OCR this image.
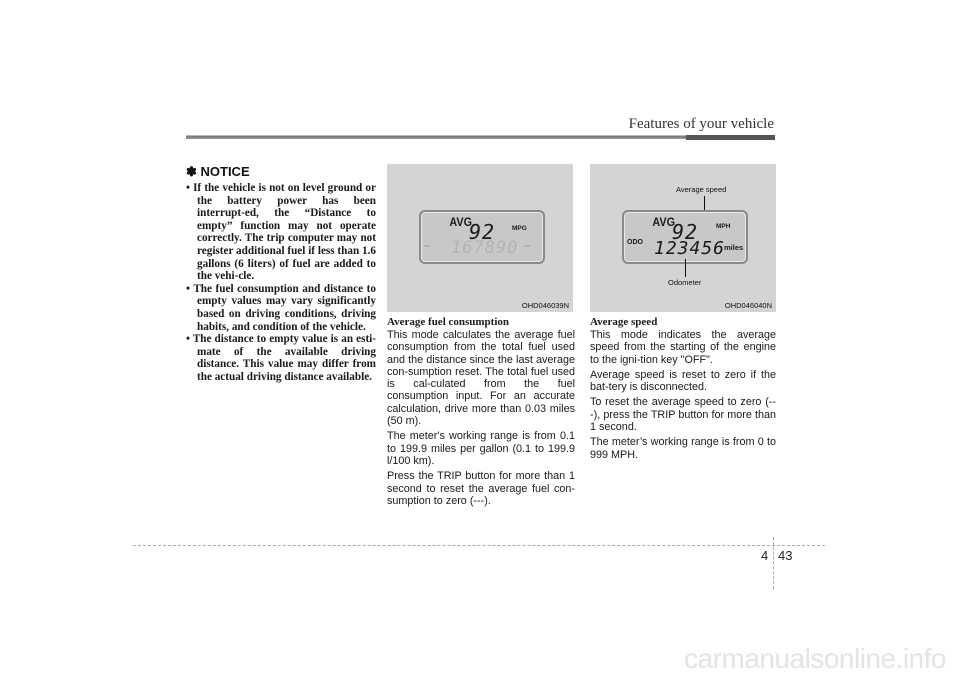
Features of your vehicle
✽ NOTICE
• If the vehicle is not on level ground or the battery power has been interrupt-ed, the “Distance to empty” function may not operate correctly. The trip computer may not register additional fuel if less than 1.6 gallons (6 liters) of fuel are added to the vehi-cle.
• The fuel consumption and distance to empty values may vary significantly based on driving conditions, driving habits, and condition of the vehicle.
• The distance to empty value is an esti-mate of the available driving distance. This value may differ from the actual driving distance available.
AVG.
92	MPG
▬ 167890 ▬
OHD046039N
Average fuel consumption

This mode calculates the average fuel consumption from the total fuel used and the distance since the last average con-sumption reset. The total fuel used is cal-culated from the fuel consumption input. For an accurate calculation, drive more than 0.03 miles (50 m).

The meter's working range is from 0.1 to 199.9 miles per gallon (0.1 to 199.9 l/100 km).

Press the TRIP button for more than 1 second to reset the average fuel con-sumption to zero (---).

Average speed
AVG.
92	MPH
ODO 123456
miles
Odometer
OHD046040N
Average speed

This mode indicates the average speed from the starting of the engine to the igni-tion key "OFF".

Average speed is reset to zero if the bat-tery is disconnected.

To reset the average speed to zero (---), press the TRIP button for more than 1 second.

The meter’s working range is from 0 to 999 MPH.

4 43
carmanualsonline.info
